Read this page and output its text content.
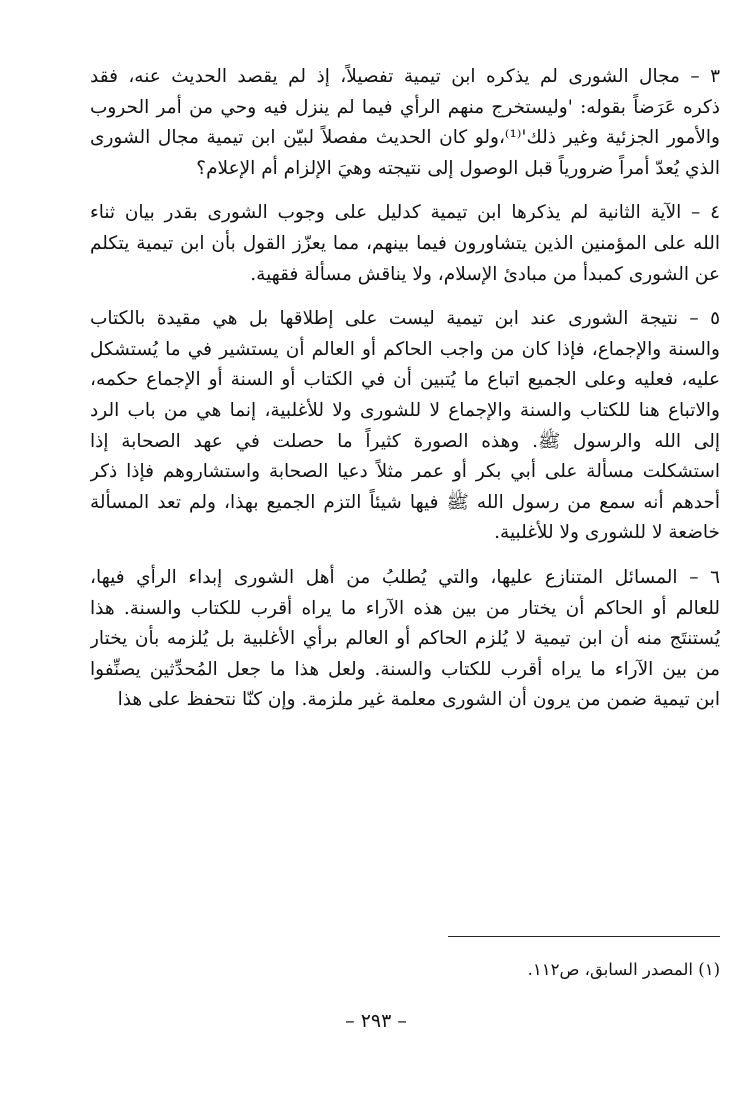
٣ – مجال الشورى لم يذكره ابن تيمية تفصيلاً، إذ لم يقصد الحديث عنه، فقد
ذكره عَرَضاً بقوله: 'وليستخرج منهم الرأي فيما لم ينزل فيه وحي من أمر الحروب
والأمور الجزئية وغير ذلك'⁽¹⁾،ولو كان الحديث مفصلاً لبيّن ابن تيمية مجال الشورى
الذي يُعدّ أمراً ضرورياً قبل الوصول إلى نتيجته وهيَ الإلزام أم الإعلام؟

٤ – الآية الثانية لم يذكرها ابن تيمية كدليل على وجوب الشورى بقدر بيان ثناء
الله على المؤمنين الذين يتشاورون فيما بينهم، مما يعزّز القول بأن ابن تيمية يتكلم
عن الشورى كمبدأ من مبادئ الإسلام، ولا يناقش مسألة فقهية.

٥ – نتيجة الشورى عند ابن تيمية ليست على إطلاقها بل هي مقيدة بالكتاب
والسنة والإجماع، فإذا كان من واجب الحاكم أو العالم أن يستشير في ما يُستشكل
عليه، فعليه وعلى الجميع اتباع ما يُتبين أن في الكتاب أو السنة أو الإجماع حكمه،
والاتباع هنا للكتاب والسنة والإجماع لا للشورى ولا للأغلبية، إنما هي من باب الرد
إلى الله والرسول ﷺ. وهذه الصورة كثيراً ما حصلت في عهد الصحابة إذا
استشكلت مسألة على أبي بكر أو عمر مثلاً دعيا الصحابة واستشاروهم فإذا ذكر
أحدهم أنه سمع من رسول الله ﷺ فيها شيئاً التزم الجميع بهذا، ولم تعد المسألة
خاضعة لا للشورى ولا للأغلبية.

٦ – المسائل المتنازع عليها، والتي يُطلبُ من أهل الشورى إبداء الرأي فيها،
للعالم أو الحاكم أن يختار من بين هذه الآراء ما يراه أقرب للكتاب والسنة. هذا
يُستنتَج منه أن ابن تيمية لا يُلزم الحاكم أو العالم برأي الأغلبية بل يُلزمه بأن يختار
من بين الآراء ما يراه أقرب للكتاب والسنة. ولعل هذا ما جعل المُحدِّثين يصنِّفوا
ابن تيمية ضمن من يرون أن الشورى معلمة غير ملزمة. وإن كنّا نتحفظ على هذا

(١) المصدر السابق، ص١١٢.
– ٢٩٣ –
